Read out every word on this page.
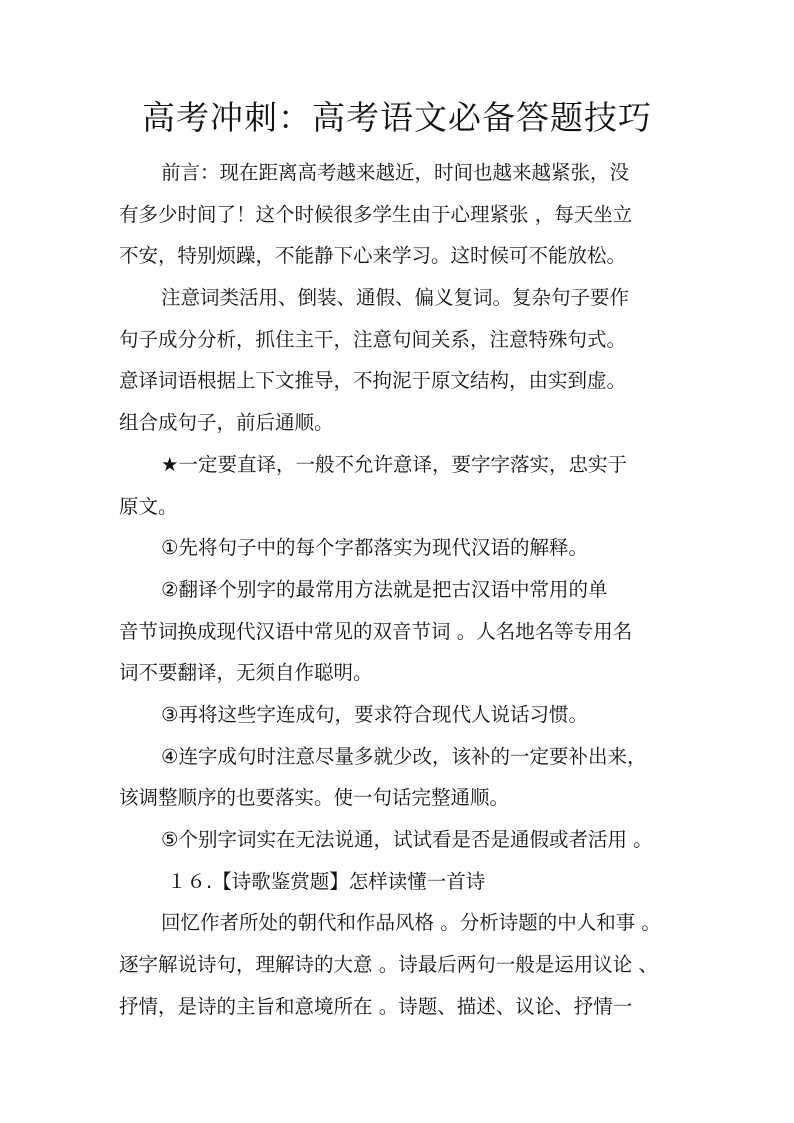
高考冲刺：高考语文必备答题技巧
前言：现在距离高考越来越近，时间也越来越紧张，没
有多少时间了！这个时候很多学生由于心理紧张 ，每天坐立
不安，特别烦躁，不能静下心来学习。这时候可不能放松。
注意词类活用、倒装、通假、偏义复词。复杂句子要作
句子成分分析，抓住主干，注意句间关系，注意特殊句式。
意译词语根据上下文推导，不拘泥于原文结构，由实到虚。
组合成句子，前后通顺。
★一定要直译，一般不允许意译，要字字落实，忠实于
原文。
①先将句子中的每个字都落实为现代汉语的解释。
②翻译个别字的最常用方法就是把古汉语中常用的单
音节词换成现代汉语中常见的双音节词 。人名地名等专用名
词不要翻译，无须自作聪明。
③再将这些字连成句，要求符合现代人说话习惯。
④连字成句时注意尽量多就少改，该补的一定要补出来，
该调整顺序的也要落实。使一句话完整通顺。
⑤个别字词实在无法说通，试试看是否是通假或者活用 。
１６.【诗歌鉴赏题】怎样读懂一首诗
回忆作者所处的朝代和作品风格 。分析诗题的中人和事 。
逐字解说诗句，理解诗的大意 。诗最后两句一般是运用议论 、
抒情，是诗的主旨和意境所在 。诗题、描述、议论、抒情一
